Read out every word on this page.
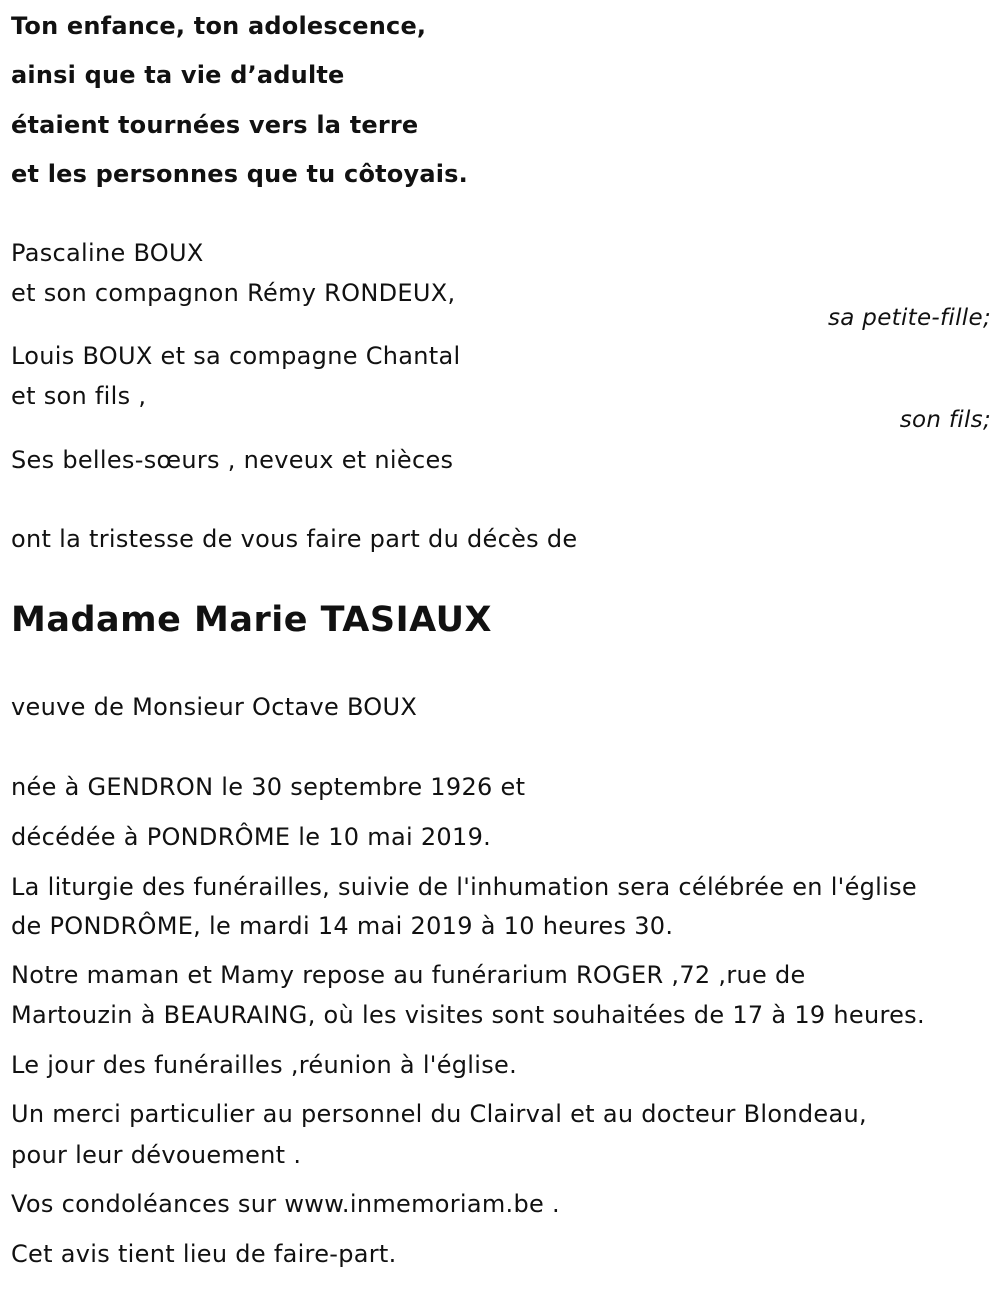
Ton enfance, ton adolescence,
ainsi que ta vie d’adulte
étaient tournées vers la terre
et les personnes que tu côtoyais.
Pascaline BOUX
et son compagnon Rémy RONDEUX,
sa petite-fille;
Louis BOUX et sa compagne Chantal
et son fils ,
son fils;
Ses belles-sœurs , neveux et nièces
ont la tristesse de vous faire part du décès de
Madame Marie TASIAUX
veuve de Monsieur Octave BOUX
née à GENDRON le 30 septembre 1926 et
décédée à PONDRÔME le 10 mai 2019.
La liturgie des funérailles, suivie de l'inhumation sera célébrée en l'église
de PONDRÔME, le mardi 14 mai 2019 à 10 heures 30.
Notre maman et Mamy repose au funérarium ROGER ,72 ,rue de
Martouzin à BEAURAING, où les visites sont souhaitées de 17 à 19 heures.
Le jour des funérailles ,réunion à l'église.
Un merci particulier au personnel du Clairval et au docteur Blondeau,
pour leur dévouement .
Vos condoléances sur www.inmemoriam.be .
Cet avis tient lieu de faire-part.
